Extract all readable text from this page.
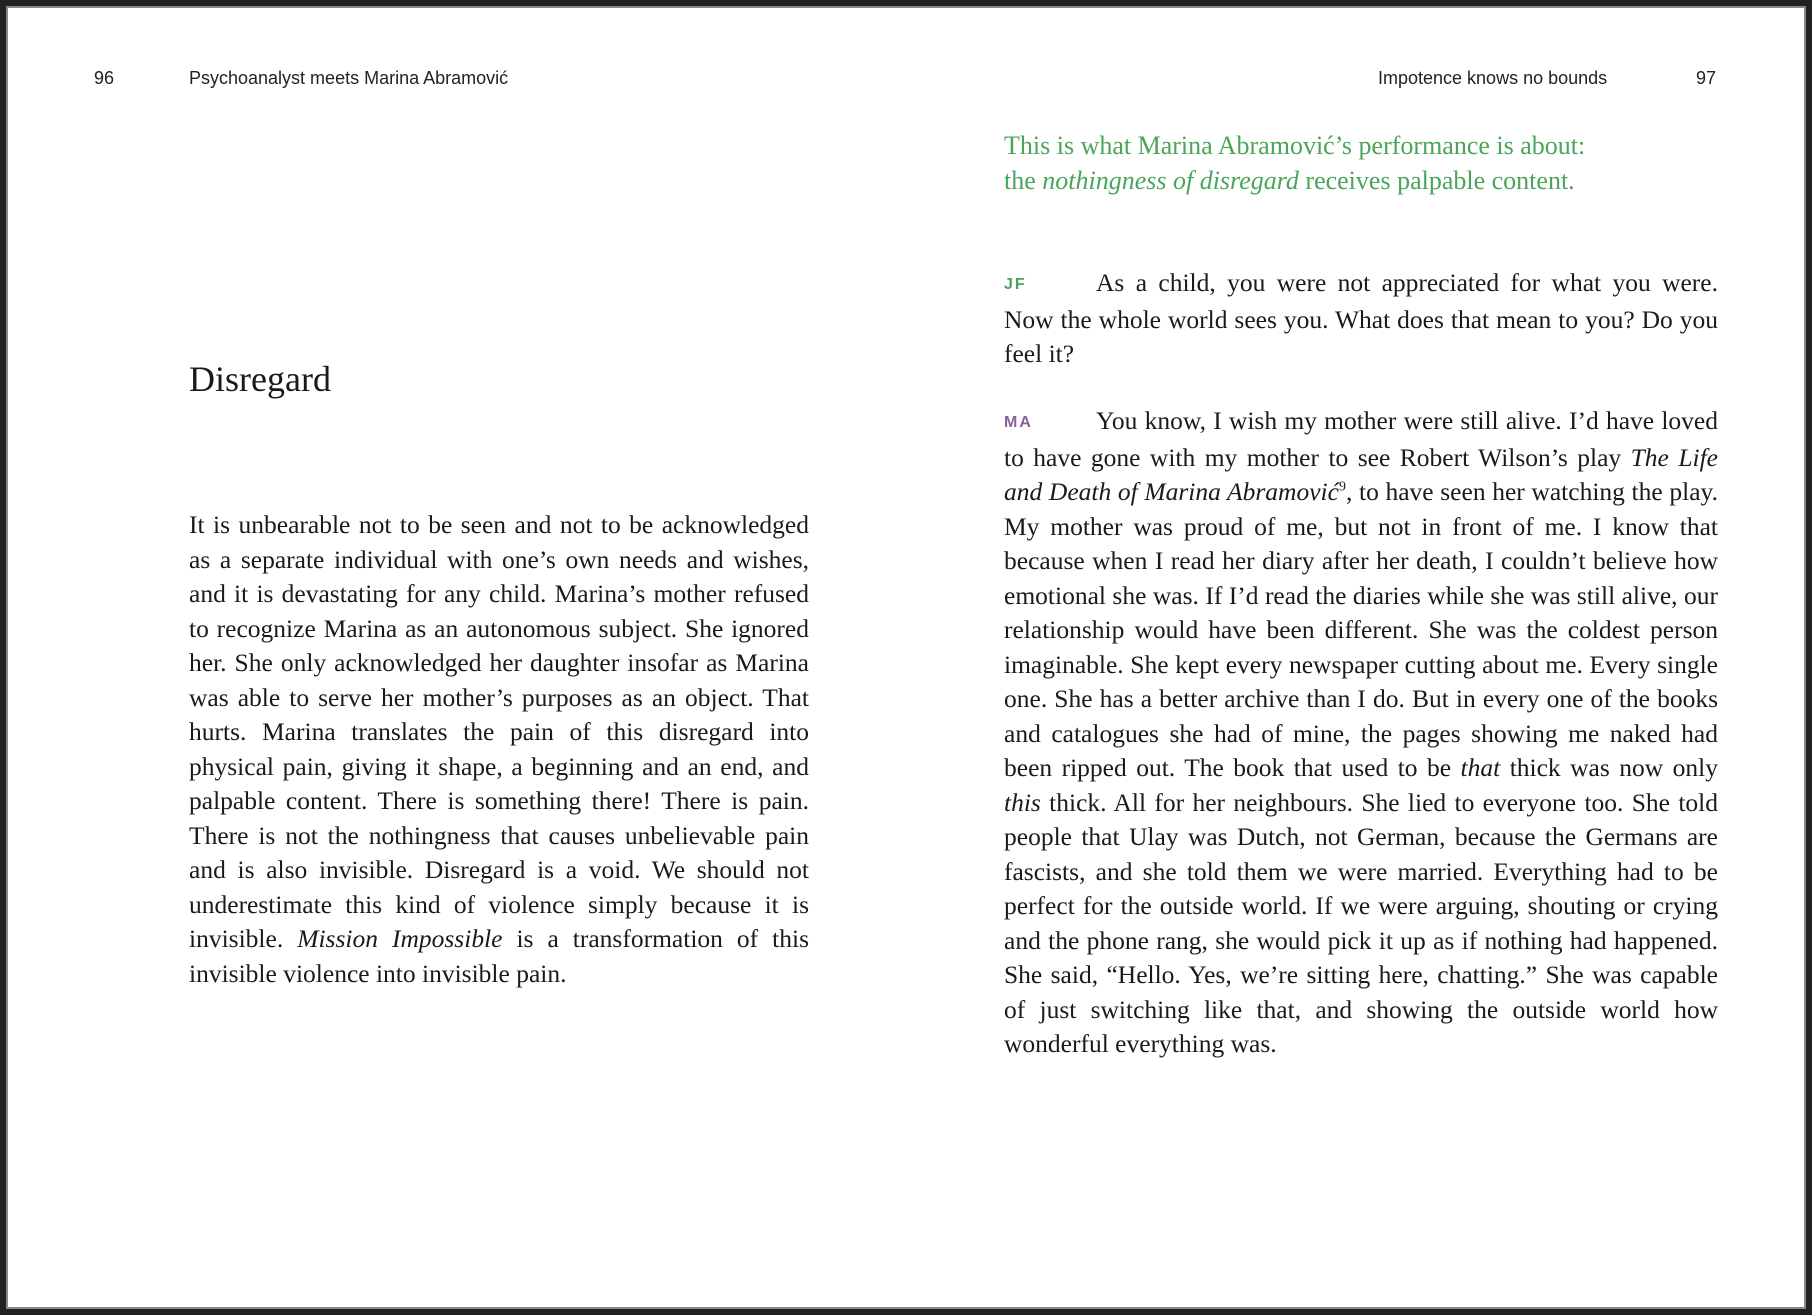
96	Psychoanalyst meets Marina Abramović
Disregard

It is unbearable not to be seen and not to be acknowledged as a separate individual with one’s own needs and wishes, and it is devastating for any child. Marina’s mother refused to recognize Marina as an autonomous subject. She ignored her. She only acknowledged her daughter insofar as Marina was able to serve her mother’s purposes as an object. That hurts. Marina translates the pain of this disregard into physical pain, giving it shape, a beginning and an end, and palpable content. There is something there! There is pain. There is not the nothingness that causes unbelievable pain and is also invisible. Disregard is a void. We should not underestimate this kind of violence simply because it is invisible. Mission Impossible is a transformation of this invisible violence into invisible pain.

Impotence knows no bounds	97

This is what Marina Abramović’s performance is about: the nothingness of disregard receives palpable content.

JF	As a child, you were not appreciated for what you were. Now the whole world sees you. What does that mean to you? Do you feel it?

MA You know, I wish my mother were still alive. I’d have loved to have gone with my mother to see Robert Wilson’s play The Life and Death of Marina Abramović$^9$, to have seen her watching the play. My mother was proud of me, but not in front of me. I know that because when I read her diary after her death, I couldn’t believe how emotional she was. If I’d read the diaries while she was still alive, our relationship would have been different. She was the coldest person imaginable. She kept every newspaper cutting about me. Every single one. She has a better archive than I do. But in every one of the books and catalogues she had of mine, the pages showing me naked had been ripped out. The book that used to be that thick was now only this thick. All for her neighbours. She lied to everyone too. She told people that Ulay was Dutch, not German, because the Germans are fascists, and she told them we were married. Everything had to be perfect for the outside world. If we were arguing, shouting or crying and the phone rang, she would pick it up as if nothing had happened. She said, “Hello. Yes, we’re sitting here, chatting.” She was capable of just switching like that, and showing the outside world how wonderful everything was.
